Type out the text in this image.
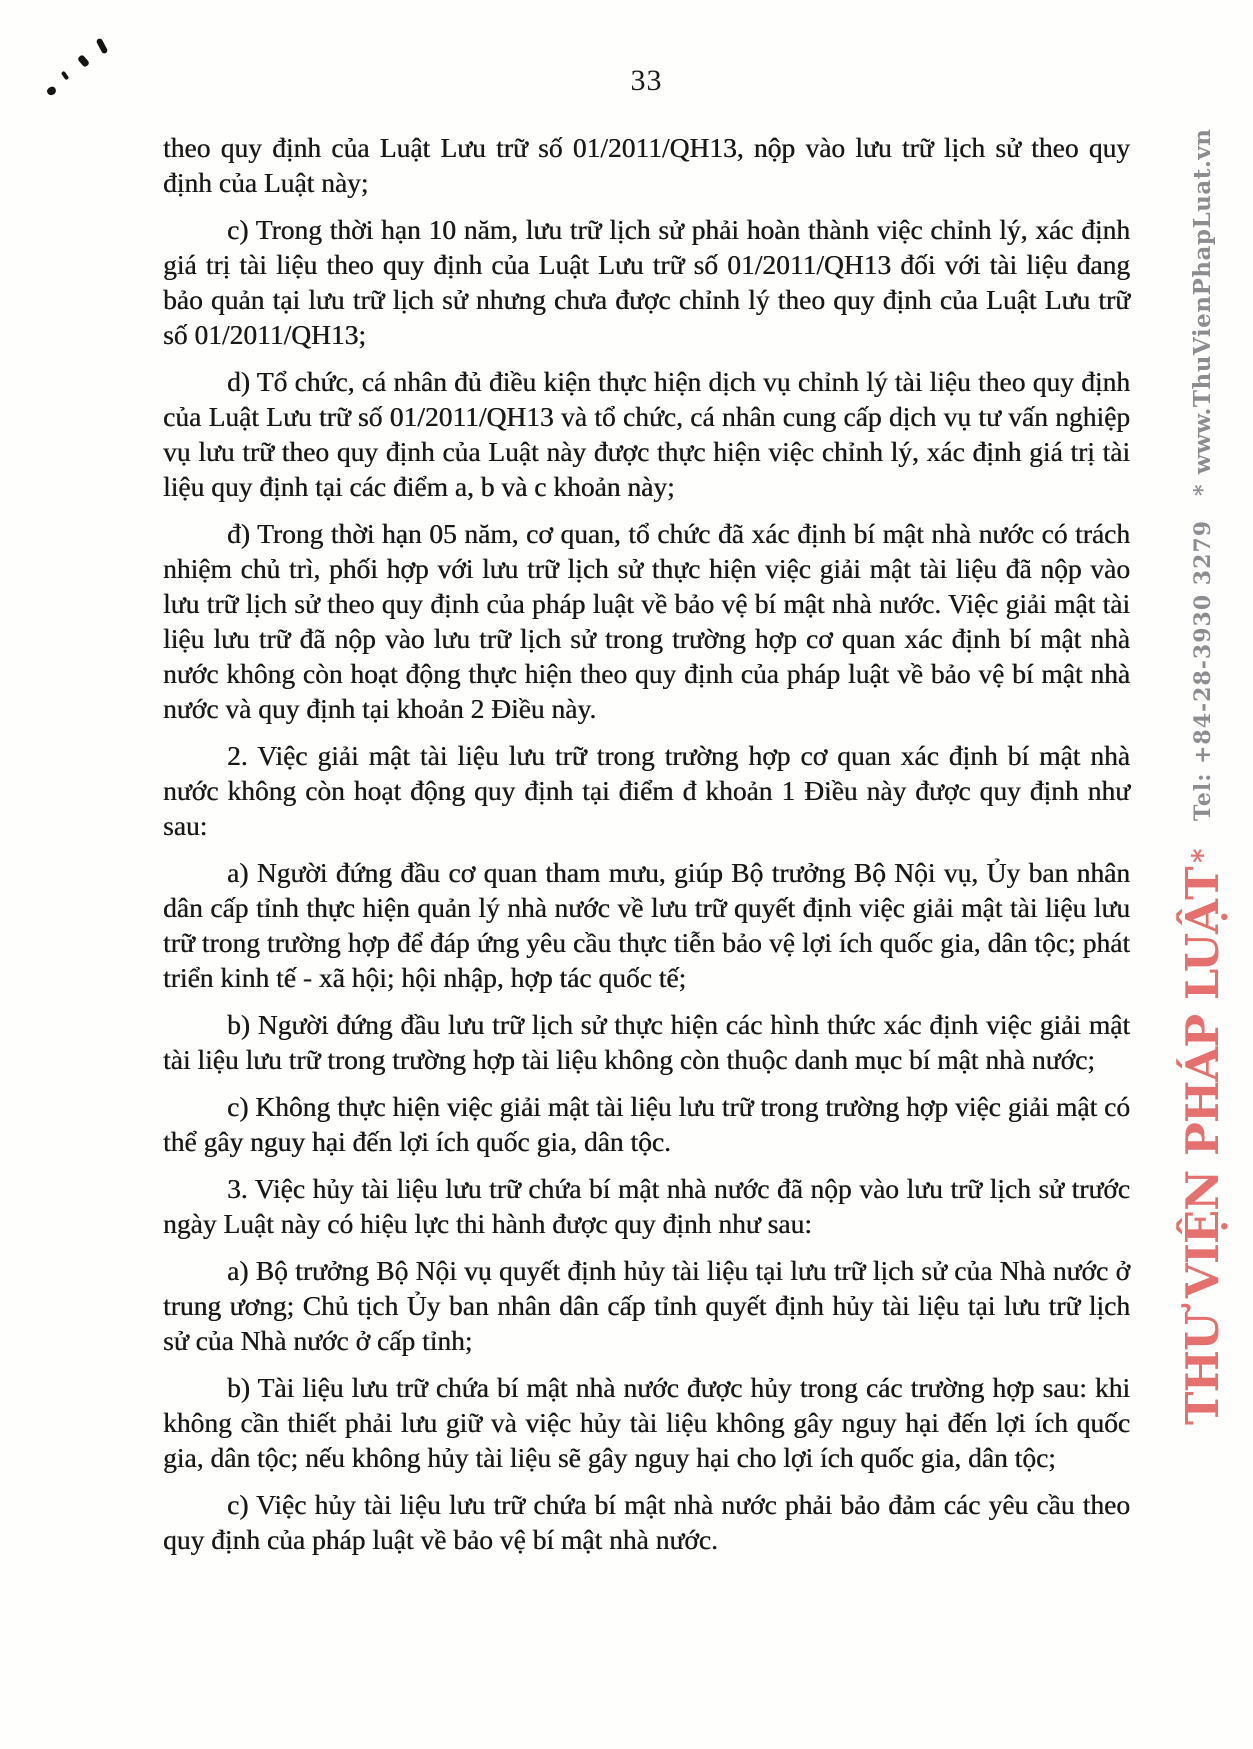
33

theo quy định của Luật Lưu trữ số 01/2011/QH13, nộp vào lưu trữ lịch sử theo quy định của Luật này;

c) Trong thời hạn 10 năm, lưu trữ lịch sử phải hoàn thành việc chỉnh lý, xác định giá trị tài liệu theo quy định của Luật Lưu trữ số 01/2011/QH13 đối với tài liệu đang bảo quản tại lưu trữ lịch sử nhưng chưa được chỉnh lý theo quy định của Luật Lưu trữ số 01/2011/QH13;

d) Tổ chức, cá nhân đủ điều kiện thực hiện dịch vụ chỉnh lý tài liệu theo quy định của Luật Lưu trữ số 01/2011/QH13 và tổ chức, cá nhân cung cấp dịch vụ tư vấn nghiệp vụ lưu trữ theo quy định của Luật này được thực hiện việc chỉnh lý, xác định giá trị tài liệu quy định tại các điểm a, b và c khoản này;

đ) Trong thời hạn 05 năm, cơ quan, tổ chức đã xác định bí mật nhà nước có trách nhiệm chủ trì, phối hợp với lưu trữ lịch sử thực hiện việc giải mật tài liệu đã nộp vào lưu trữ lịch sử theo quy định của pháp luật về bảo vệ bí mật nhà nước. Việc giải mật tài liệu lưu trữ đã nộp vào lưu trữ lịch sử trong trường hợp cơ quan xác định bí mật nhà nước không còn hoạt động thực hiện theo quy định của pháp luật về bảo vệ bí mật nhà nước và quy định tại khoản 2 Điều này.

2. Việc giải mật tài liệu lưu trữ trong trường hợp cơ quan xác định bí mật nhà nước không còn hoạt động quy định tại điểm đ khoản 1 Điều này được quy định như sau:

a) Người đứng đầu cơ quan tham mưu, giúp Bộ trưởng Bộ Nội vụ, Ủy ban nhân dân cấp tỉnh thực hiện quản lý nhà nước về lưu trữ quyết định việc giải mật tài liệu lưu trữ trong trường hợp để đáp ứng yêu cầu thực tiễn bảo vệ lợi ích quốc gia, dân tộc; phát triển kinh tế - xã hội; hội nhập, hợp tác quốc tế;

b) Người đứng đầu lưu trữ lịch sử thực hiện các hình thức xác định việc giải mật tài liệu lưu trữ trong trường hợp tài liệu không còn thuộc danh mục bí mật nhà nước;

c) Không thực hiện việc giải mật tài liệu lưu trữ trong trường hợp việc giải mật có thể gây nguy hại đến lợi ích quốc gia, dân tộc.

3. Việc hủy tài liệu lưu trữ chứa bí mật nhà nước đã nộp vào lưu trữ lịch sử trước ngày Luật này có hiệu lực thi hành được quy định như sau:

a) Bộ trưởng Bộ Nội vụ quyết định hủy tài liệu tại lưu trữ lịch sử của Nhà nước ở trung ương; Chủ tịch Ủy ban nhân dân cấp tỉnh quyết định hủy tài liệu tại lưu trữ lịch sử của Nhà nước ở cấp tỉnh;

b) Tài liệu lưu trữ chứa bí mật nhà nước được hủy trong các trường hợp sau: khi không cần thiết phải lưu giữ và việc hủy tài liệu không gây nguy hại đến lợi ích quốc gia, dân tộc; nếu không hủy tài liệu sẽ gây nguy hại cho lợi ích quốc gia, dân tộc;

c) Việc hủy tài liệu lưu trữ chứa bí mật nhà nước phải bảo đảm các yêu cầu theo quy định của pháp luật về bảo vệ bí mật nhà nước.

THƯ VIỆN PHÁP LUẬT*Tel: +84-28-3930 3279*www.ThuVienPhapLuat.vn
